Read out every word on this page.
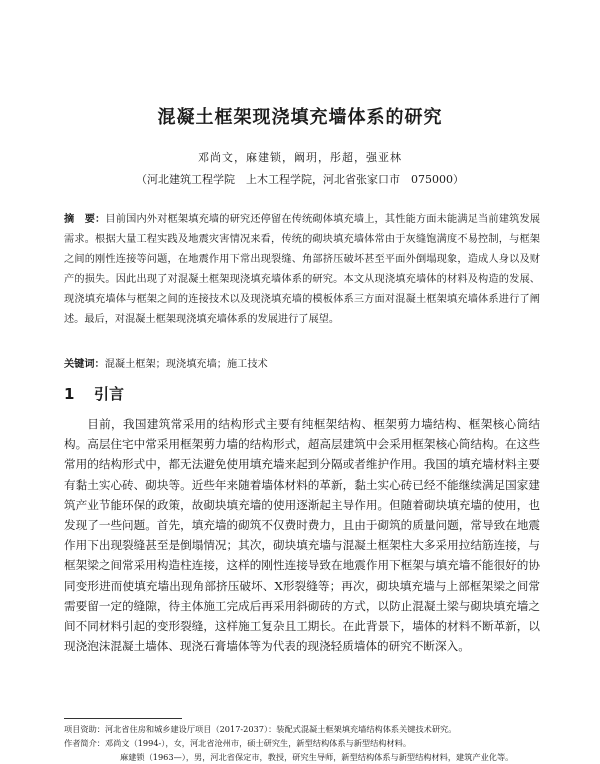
混凝土框架现浇填充墙体系的研究
邓尚文，麻建锁，阚玥，彤超，强亚林
（河北建筑工程学院　上木工程学院，河北省张家口市　075000）
摘　要：目前国内外对框架填充墙的研究还停留在传统砌体填充墙上，其性能方面未能满足当前建筑发展需求。根据大量工程实践及地震灾害情况来看，传统的砌块填充墙体常由于灰缝饱满度不易控制，与框架之间的刚性连接等问题，在地震作用下常出现裂缝、角部挤压破坏甚至平面外倒塌现象，造成人身以及财产的损失。因此出现了对混凝土框架现浇填充墙体系的研究。本文从现浇填充墙体的材料及构造的发展、现浇填充墙体与框架之间的连接技术以及现浇填充墙的模板体系三方面对混凝土框架填充墙体系进行了阐述。最后，对混凝土框架现浇填充墙体系的发展进行了展望。
关键词：混凝土框架；现浇填充墙；施工技术
1 引言
目前，我国建筑常采用的结构形式主要有纯框架结构、框架剪力墙结构、框架核心筒结构。高层住宅中常采用框架剪力墙的结构形式，超高层建筑中会采用框架核心筒结构。在这些常用的结构形式中，都无法避免使用填充墙来起到分隔或者维护作用。我国的填充墙材料主要有黏土实心砖、砌块等。近些年来随着墙体材料的革新，黏土实心砖已经不能继续满足国家建筑产业节能环保的政策，故砌块填充墙的使用逐渐起主导作用。但随着砌块填充墙的使用，也发现了一些问题。首先，填充墙的砌筑不仅费时费力，且由于砌筑的质量问题，常导致在地震作用下出现裂缝甚至是倒塌情况；其次，砌块填充墙与混凝土框架柱大多采用拉结筋连接，与框架梁之间常采用构造柱连接，这样的刚性连接导致在地震作用下框架与填充墙不能很好的协同变形进而使填充墙出现角部挤压破坏、X形裂缝等；再次，砌块填充墙与上部框架梁之间常需要留一定的缝隙，待主体施工完成后再采用斜砌砖的方式，以防止混凝土梁与砌块填充墙之间不同材料引起的变形裂缝，这样施工复杂且工期长。在此背景下，墙体的材料不断革新，以现浇泡沫混凝土墙体、现浇石膏墙体等为代表的现浇轻质墙体的研究不断深入。
项目资助：河北省住房和城乡建设厅项目（2017-2037）：装配式混凝土框架填充墙结构体系关键技术研究。
作者简介：邓尚文（1994-），女，河北省沧州市，硕士研究生，新型结构体系与新型结构材料。
麻建锁（1963—），男，河北省保定市，教授，研究生导师，新型结构体系与新型结构材料，建筑产业化等。
